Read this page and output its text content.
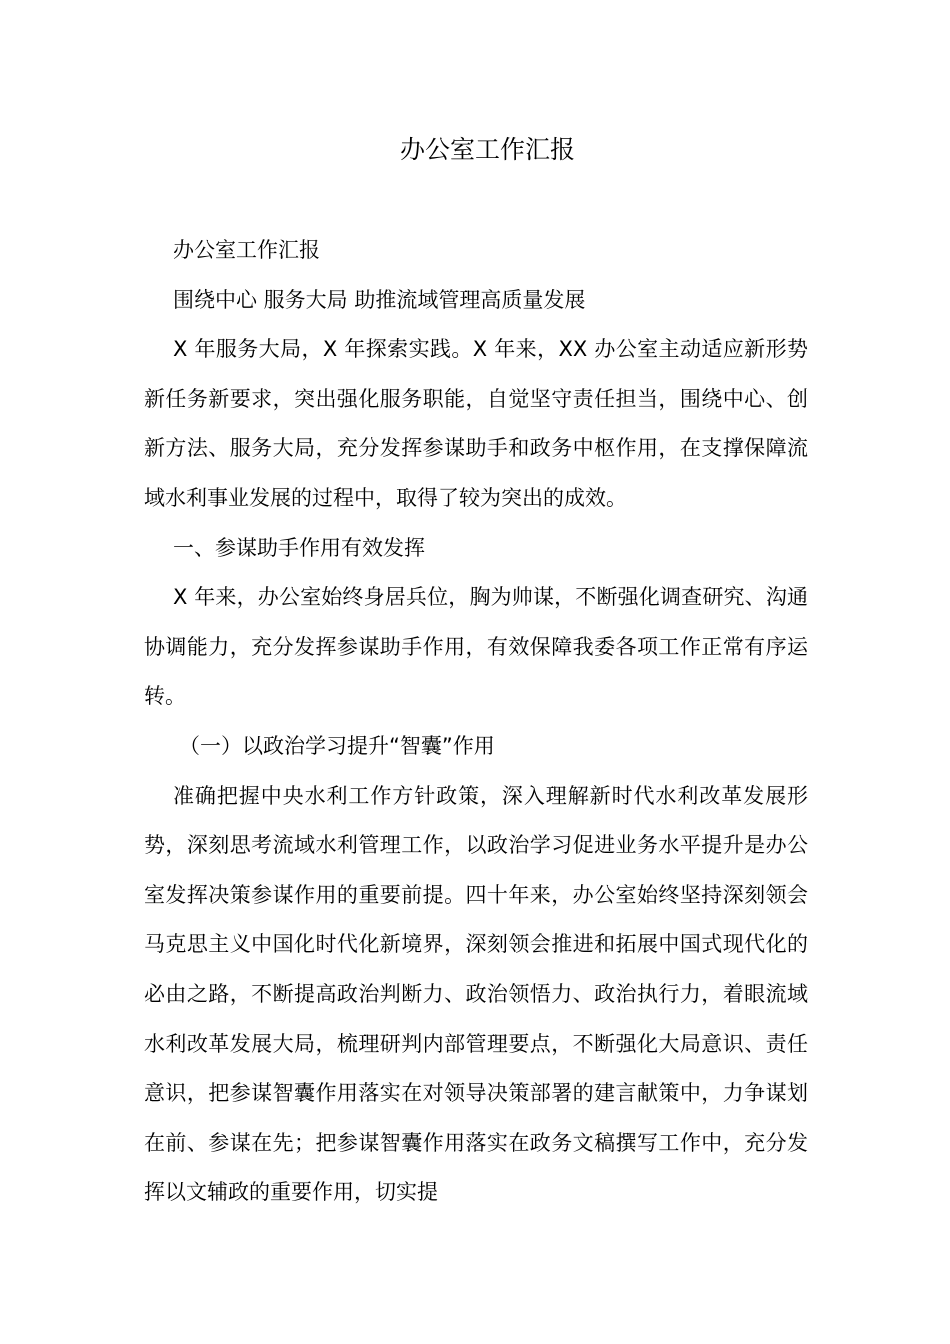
办公室工作汇报

办公室工作汇报

围绕中心 服务大局 助推流域管理高质量发展

X 年服务大局，X 年探索实践。X 年来，XX 办公室主动适应新形势新任务新要求，突出强化服务职能，自觉坚守责任担当，围绕中心、创新方法、服务大局，充分发挥参谋助手和政务中枢作用，在支撑保障流域水利事业发展的过程中，取得了较为突出的成效。

一、参谋助手作用有效发挥

X 年来，办公室始终身居兵位，胸为帅谋，不断强化调查研究、沟通协调能力，充分发挥参谋助手作用，有效保障我委各项工作正常有序运转。

（一）以政治学习提升“智囊”作用

准确把握中央水利工作方针政策，深入理解新时代水利改革发展形势，深刻思考流域水利管理工作，以政治学习促进业务水平提升是办公室发挥决策参谋作用的重要前提。四十年来，办公室始终坚持深刻领会马克思主义中国化时代化新境界，深刻领会推进和拓展中国式现代化的必由之路，不断提高政治判断力、政治领悟力、政治执行力，着眼流域水利改革发展大局，梳理研判内部管理要点，不断强化大局意识、责任意识，把参谋智囊作用落实在对领导决策部署的建言献策中，力争谋划在前、参谋在先；把参谋智囊作用落实在政务文稿撰写工作中，充分发挥以文辅政的重要作用，切实提
